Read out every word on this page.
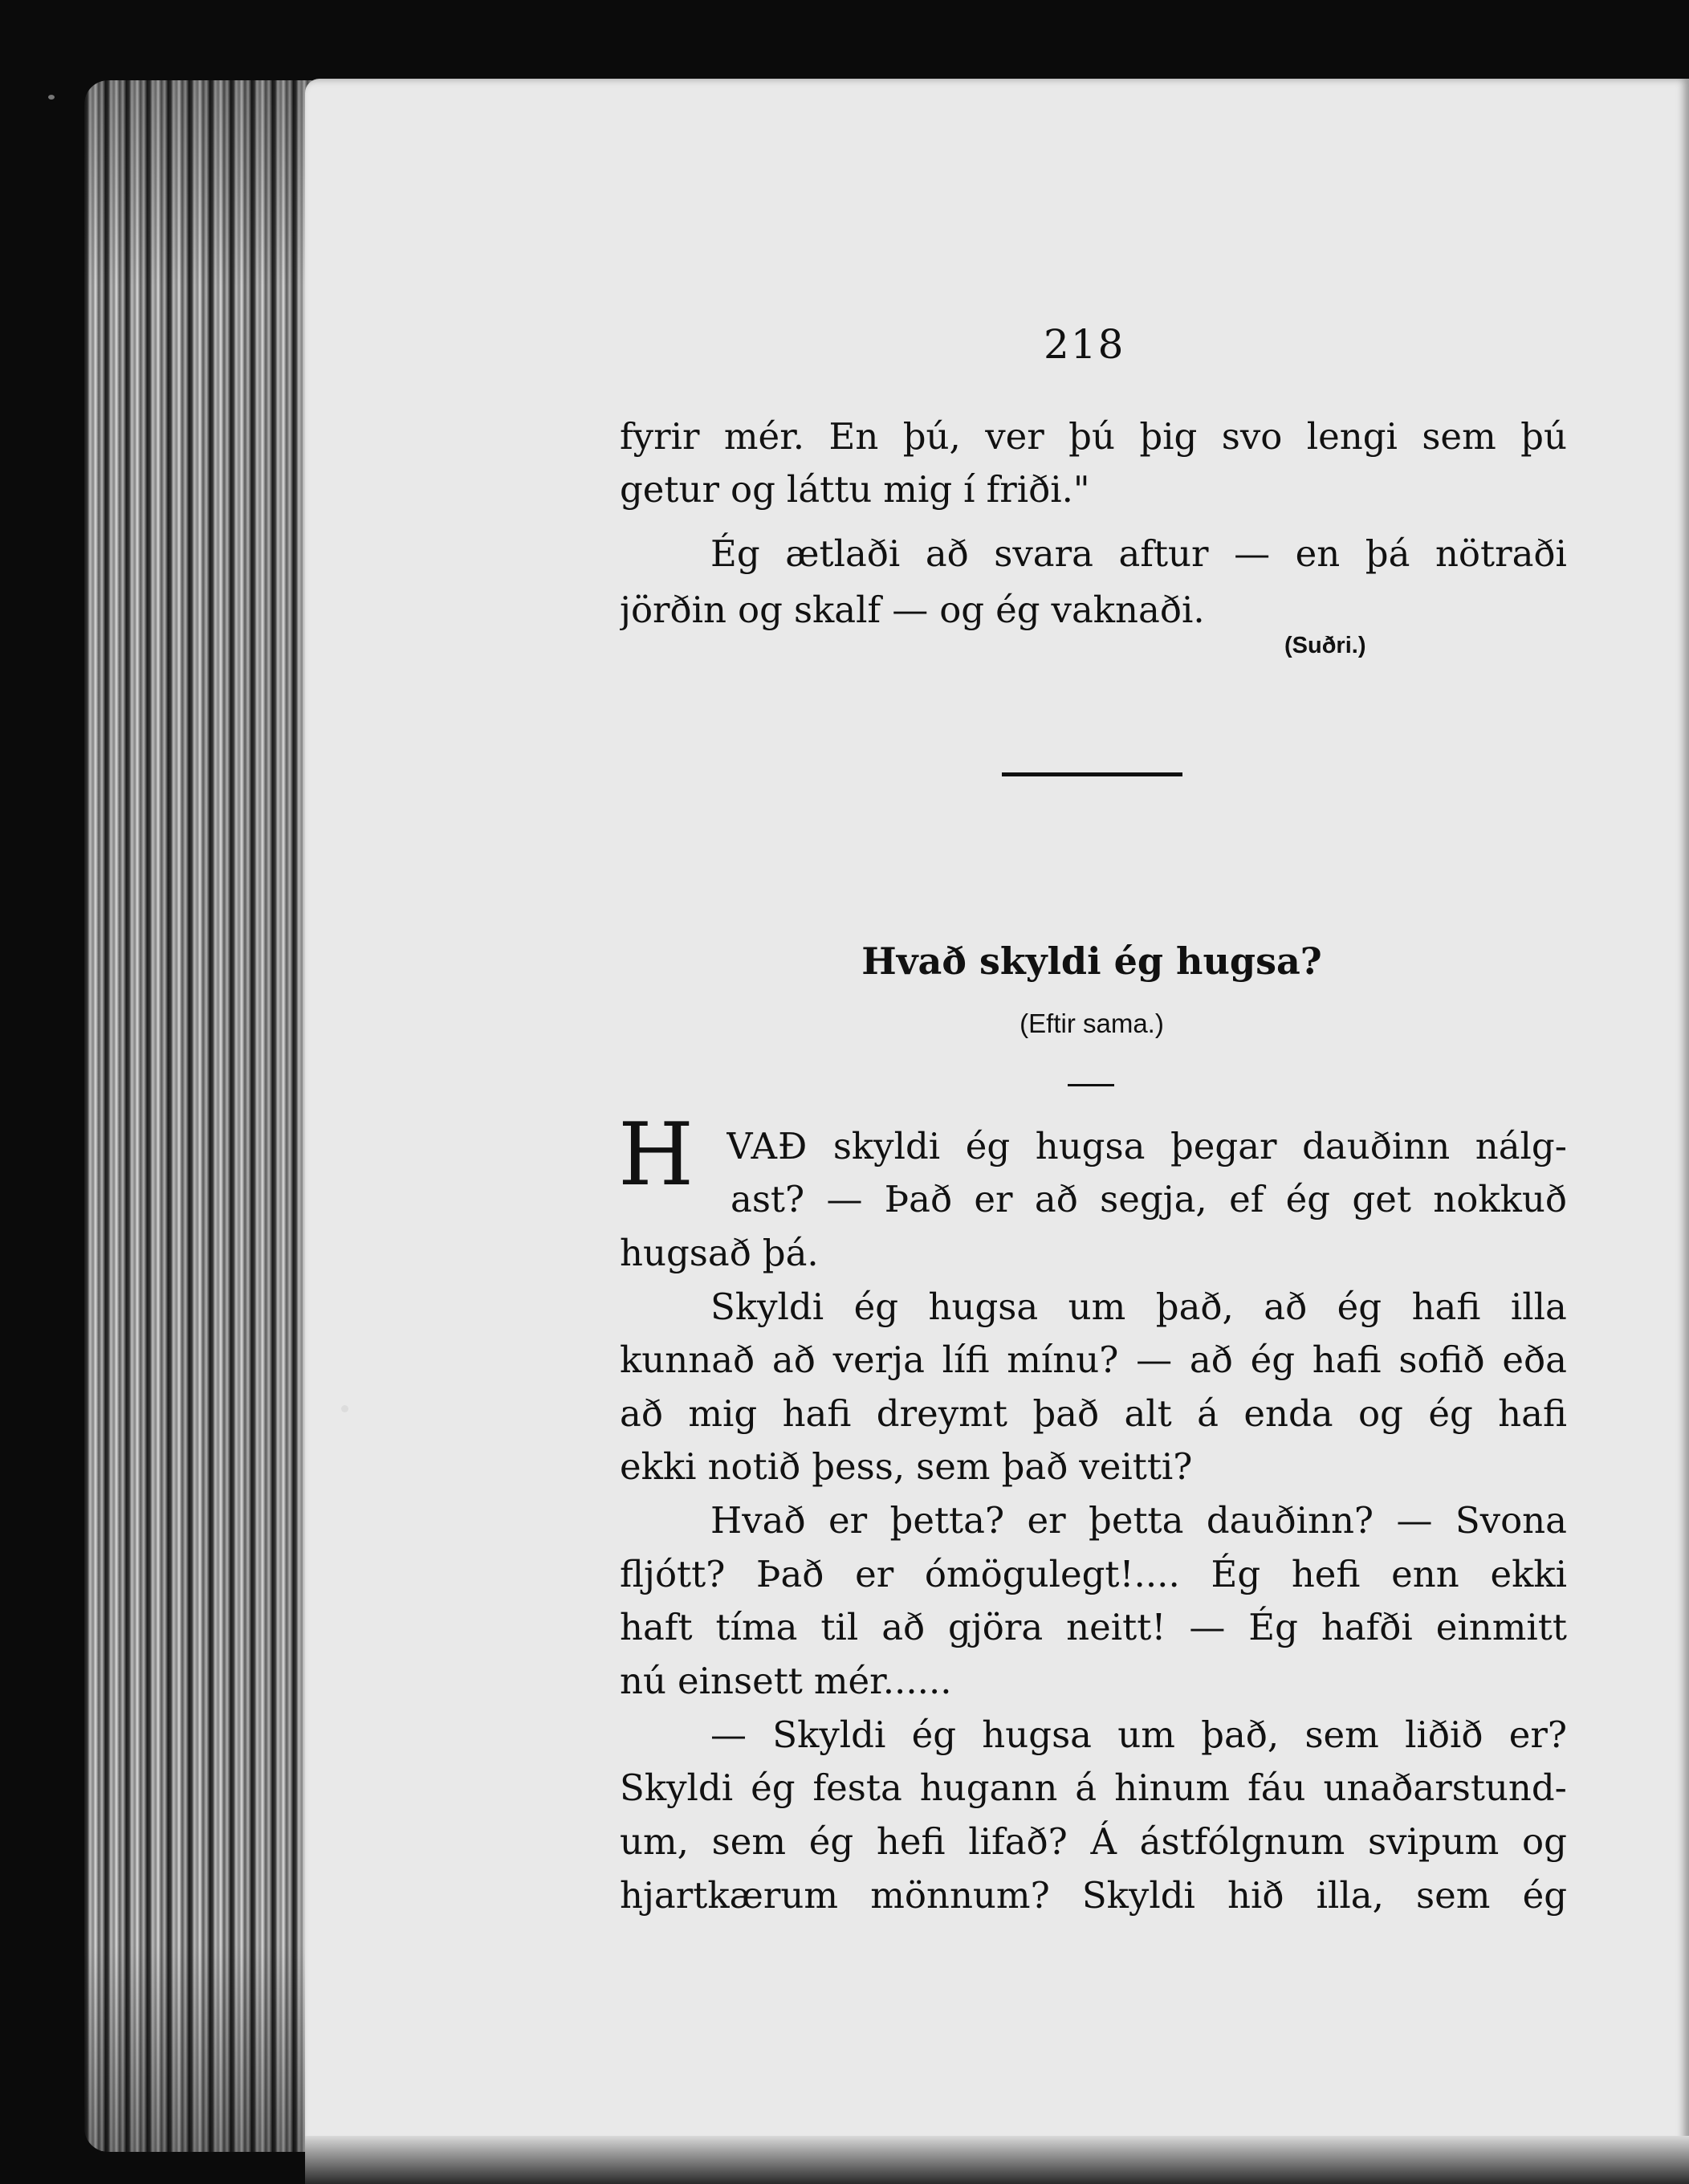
218
fyrir mér. En þú, ver þú þig svo lengi sem þú
getur og láttu mig í friði."
Ég ætlaði að svara aftur — en þá nötraði
jörðin og skalf — og ég vaknaði.
(Suðri.)
Hvað skyldi ég hugsa?
(Eftir sama.)
H VAÐ skyldi ég hugsa þegar dauðinn nálg-
ast? — Það er að segja, ef ég get nokkuð
hugsað þá.
Skyldi ég hugsa um það, að ég hafi illa
kunnað að verja lífi mínu? — að ég hafi sofið eða
að mig hafi dreymt það alt á enda og ég hafi
ekki notið þess, sem það veitti?
Hvað er þetta? er þetta dauðinn? — Svona
fljótt? Það er ómögulegt!.... Ég hefi enn ekki
haft tíma til að gjöra neitt! — Ég hafði einmitt
nú einsett mér......
— Skyldi ég hugsa um það, sem liðið er?
Skyldi ég festa hugann á hinum fáu unaðarstund-
um, sem ég hefi lifað? Á ástfólgnum svipum og
hjartkærum mönnum? Skyldi hið illa, sem ég
